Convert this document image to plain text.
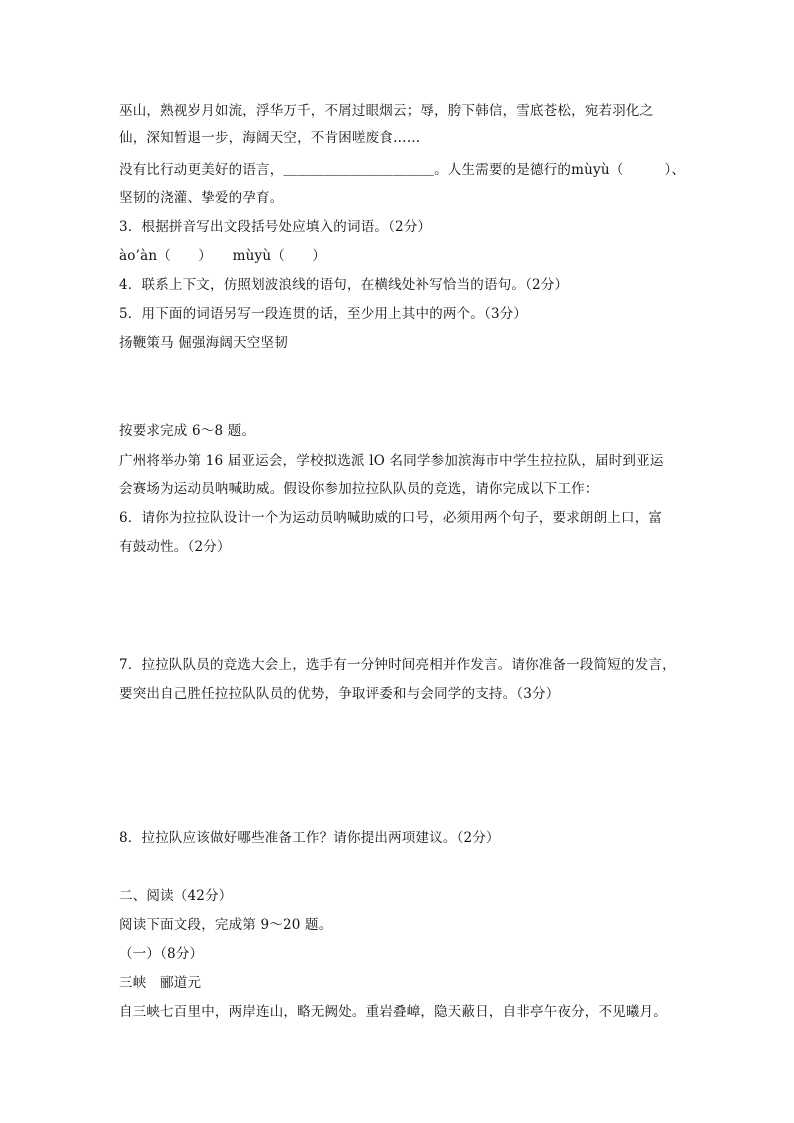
巫山，熟视岁月如流，浮华万千，不屑过眼烟云；辱，胯下韩信，雪底苍松，宛若羽化之
仙，深知暂退一步，海阔天空，不肯困嗟废食……
没有比行动更美好的语言，＿＿＿＿＿＿＿＿＿＿＿。人生需要的是德行的mùyù（　　　）、
坚韧的浇灌、挚爱的孕育。
3．根据拼音写出文段括号处应填入的词语。（2分）
ào’àn（　　）　　mùyù（　　）
4．联系上下文，仿照划波浪线的语句，在横线处补写恰当的语句。（2分）
5．用下面的词语另写一段连贯的话，至少用上其中的两个。（3分）
扬鞭策马 倔强海阔天空坚韧
按要求完成 6～8 题。
广州将举办第 16 届亚运会，学校拟选派 lO 名同学参加滨海市中学生拉拉队，届时到亚运
会赛场为运动员呐喊助威。假设你参加拉拉队队员的竞选，请你完成以下工作：
6．请你为拉拉队设计一个为运动员呐喊助威的口号，必须用两个句子，要求朗朗上口，富
有鼓动性。（2分）
7．拉拉队队员的竞选大会上，选手有一分钟时间亮相并作发言。请你准备一段简短的发言，
要突出自己胜任拉拉队队员的优势，争取评委和与会同学的支持。（3分）
8．拉拉队应该做好哪些准备工作？请你提出两项建议。（2分）
二、阅读（42分）
阅读下面文段，完成第 9～20 题。
（一）（8分）
三峡　郦道元
自三峡七百里中，两岸连山，略无阙处。重岩叠嶂，隐天蔽日，自非亭午夜分，不见曦月。
